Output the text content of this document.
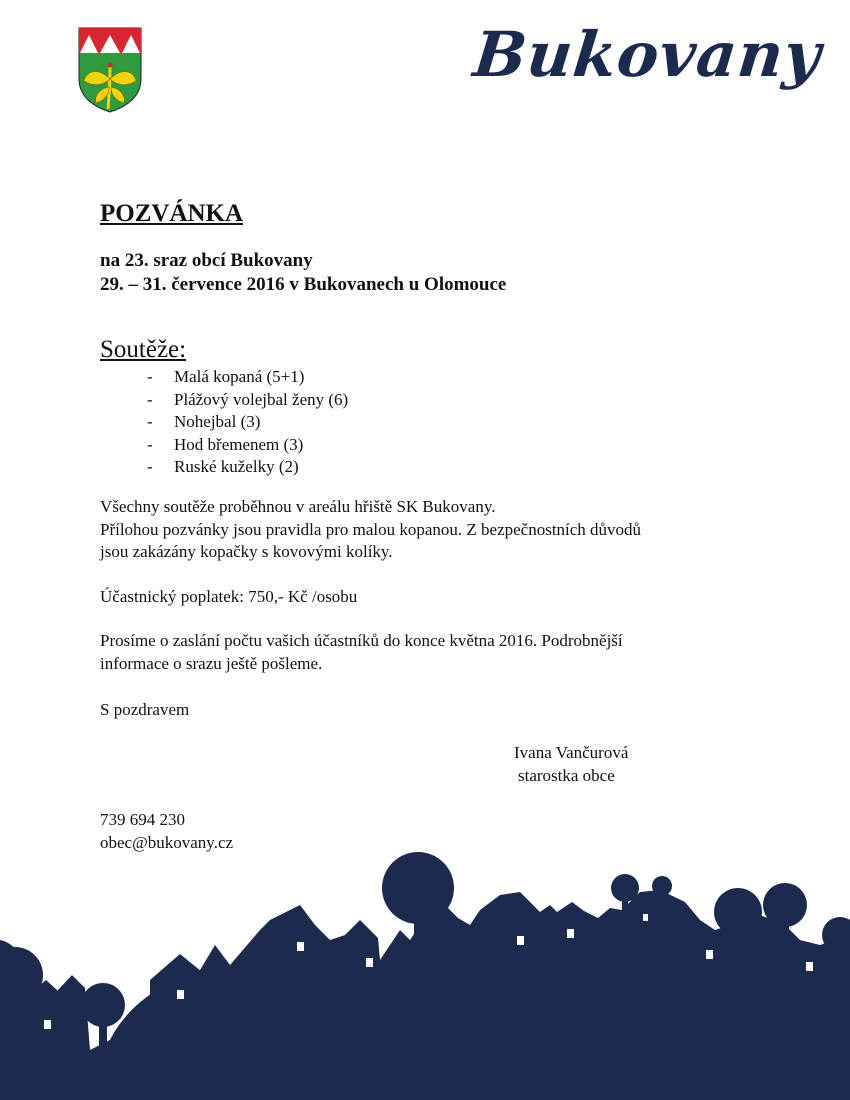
Bukovany
POZVÁNKA
na 23. sraz obcí Bukovany
29. – 31. července 2016 v Bukovanech u Olomouce
Soutěže:
- Malá kopaná (5+1)
- Plážový volejbal ženy (6)
- Nohejbal (3)
- Hod břemenem (3)
- Ruské kuželky (2)
Všechny soutěže proběhnou v areálu hřiště SK Bukovany.
Přílohou pozvánky jsou pravidla pro malou kopanou. Z bezpečnostních důvodů
jsou zakázány kopačky s kovovými kolíky.
Účastnický poplatek: 750,- Kč /osobu
Prosíme o zaslání počtu vašich účastníků do konce května 2016. Podrobnější
informace o srazu ještě pošleme.
S pozdravem
Ivana Vančurová
starostka obce
739 694 230
obec@bukovany.cz
